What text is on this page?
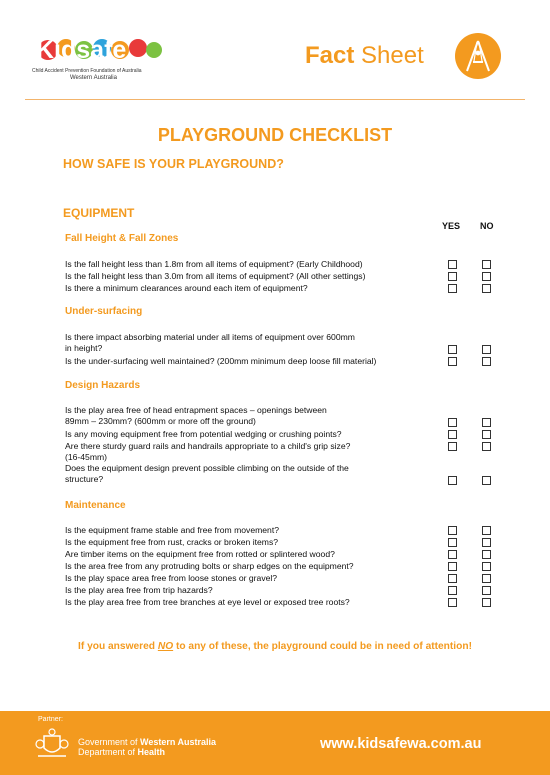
Kidsafe
Child Accident Prevention Foundation of Australia
Western Australia
Fact Sheet
PLAYGROUND CHECKLIST
HOW SAFE IS YOUR PLAYGROUND?
EQUIPMENT
YES NO
Fall Height & Fall Zones
Under-surfacing
Design Hazards
Maintenance
Is the fall height less than 1.8m from all items of equipment? (Early Childhood)
Is the fall height less than 3.0m from all items of equipment? (All other settings)
Is there a minimum clearances around each item of equipment?
Is there impact absorbing material under all items of equipment over 600mm
in height?
Is the under-surfacing well maintained? (200mm minimum deep loose fill material)
Is the play area free of head entrapment spaces – openings between
89mm – 230mm? (600mm or more off the ground)
Is any moving equipment free from potential wedging or crushing points?
Are there sturdy guard rails and handrails appropriate to a child's grip size?
(16-45mm)
Does the equipment design prevent possible climbing on the outside of the
structure?
Is the equipment frame stable and free from movement?
Is the equipment free from rust, cracks or broken items?
Are timber items on the equipment free from rotted or splintered wood?
Is the area free from any protruding bolts or sharp edges on the equipment?
Is the play space area free from loose stones or gravel?
Is the play area free from trip hazards?
Is the play area free from tree branches at eye level or exposed tree roots?
If you answered NO to any of these, the playground could be in need of attention!
Partner:
Government of Western Australia
Department of Health	www.kidsafewa.com.au
